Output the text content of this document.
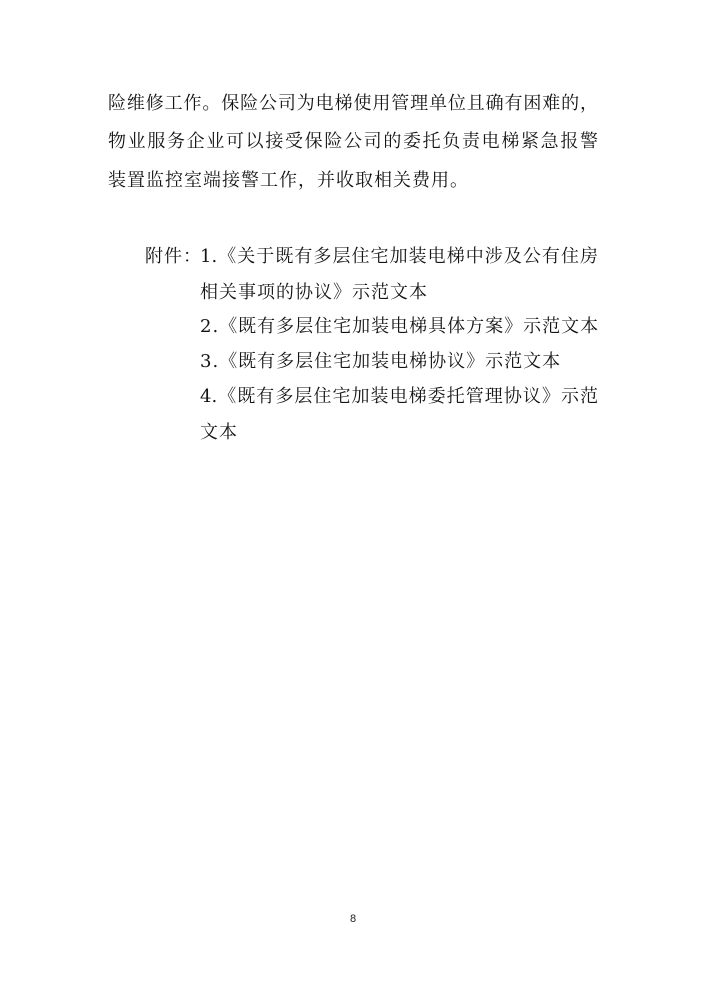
险维修工作。保险公司为电梯使用管理单位且确有困难的，
物业服务企业可以接受保险公司的委托负责电梯紧急报警
装置监控室端接警工作，并收取相关费用。
附件：
1.《关于既有多层住宅加装电梯中涉及公有住房
相关事项的协议》示范文本
2.《既有多层住宅加装电梯具体方案》示范文本
3.《既有多层住宅加装电梯协议》示范文本
4.《既有多层住宅加装电梯委托管理协议》示范
文本
8
